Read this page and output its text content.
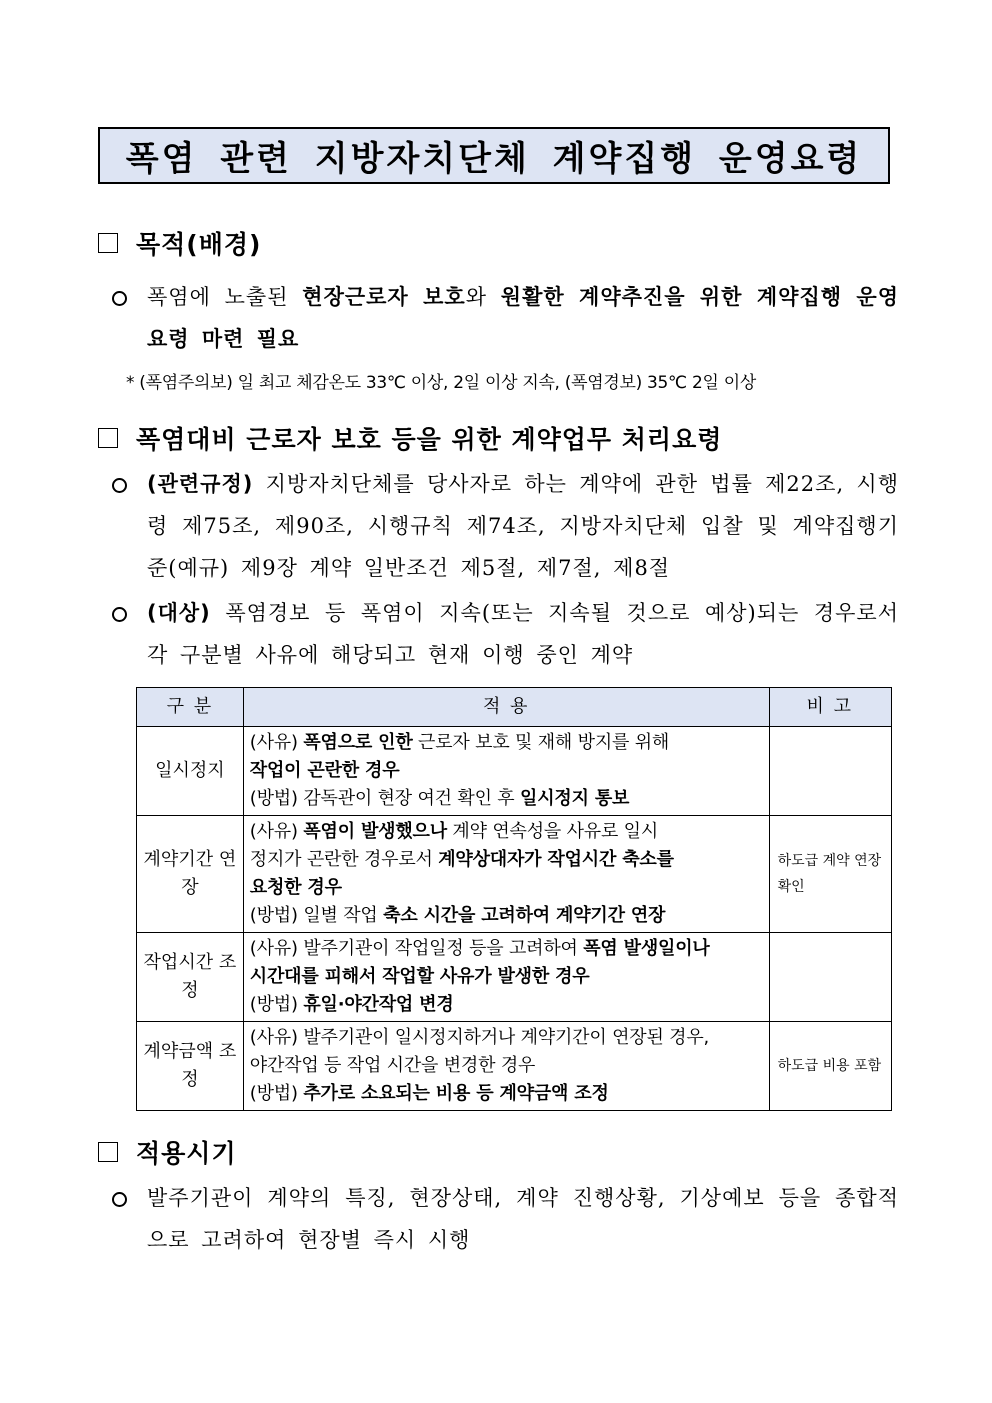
폭염 관련 지방자치단체 계약집행 운영요령
목적(배경)
폭염에 노출된 현장근로자 보호와 원활한 계약추진을 위한 계약집행 운영요령 마련 필요
* (폭염주의보) 일 최고 체감온도 33℃ 이상, 2일 이상 지속, (폭염경보) 35℃ 2일 이상
폭염대비 근로자 보호 등을 위한 계약업무 처리요령
(관련규정) 지방자치단체를 당사자로 하는 계약에 관한 법률 제22조, 시행령 제75조, 제90조, 시행규칙 제74조, 지방자치단체 입찰 및 계약집행기준(예규) 제9장 계약 일반조건 제5절, 제7절, 제8절
(대상) 폭염경보 등 폭염이 지속(또는 지속될 것으로 예상)되는 경우로서 각 구분별 사유에 해당되고 현재 이행 중인 계약
구 분	적 용	비 고
일시정지	(사유) 폭염으로 인한 근로자 보호 및 재해 방지를 위해
작업이 곤란한 경우
(방법) 감독관이 현장 여건 확인 후 일시정지 통보	

계약기간 연장	(사유) 폭염이 발생했으나 계약 연속성을 사유로 일시
정지가 곤란한 경우로서 계약상대자가 작업시간 축소를
요청한 경우
(방법) 일별 작업 축소 시간을 고려하여 계약기간 연장	하도급 계약 연장 확인
작업시간 조정	(사유) 발주기관이 작업일정 등을 고려하여 폭염 발생일이나
시간대를 피해서 작업할 사유가 발생한 경우
(방법) 휴일·야간작업 변경	

계약금액 조정	(사유) 발주기관이 일시정지하거나 계약기간이 연장된 경우,
야간작업 등 작업 시간을 변경한 경우
(방법) 추가로 소요되는 비용 등 계약금액 조정	하도급 비용 포함
적용시기
발주기관이 계약의 특징, 현장상태, 계약 진행상황, 기상예보 등을 종합적으로 고려하여 현장별 즉시 시행
